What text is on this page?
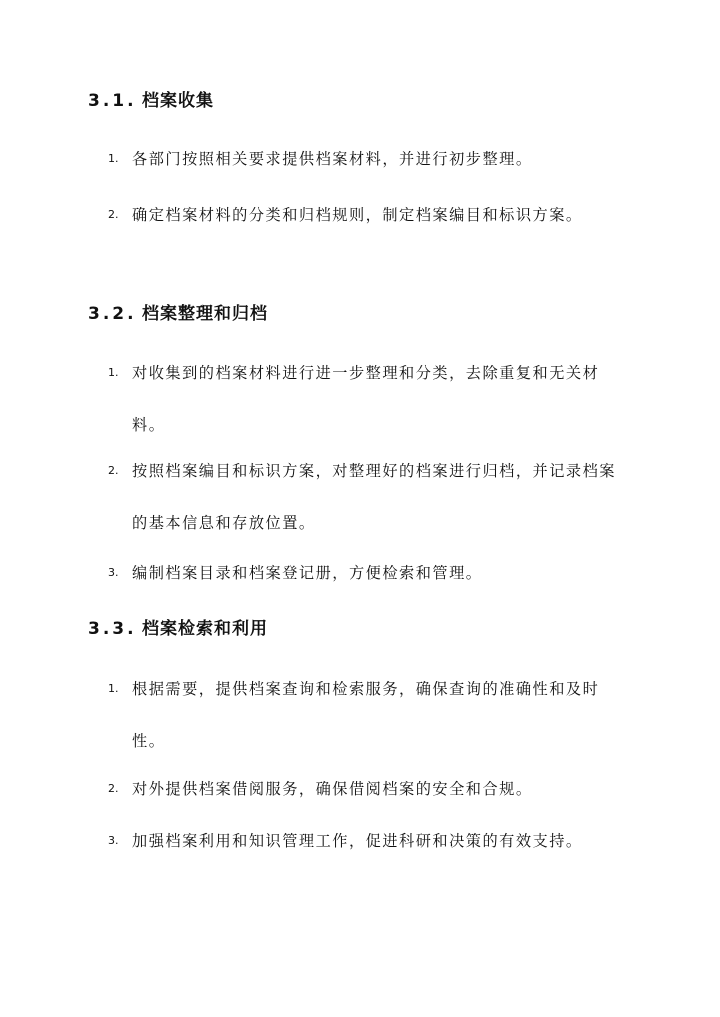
3.1. 档案收集
1. 各部门按照相关要求提供档案材料，并进行初步整理。
2. 确定档案材料的分类和归档规则，制定档案编目和标识方案。
3.2. 档案整理和归档
1. 对收集到的档案材料进行进一步整理和分类，去除重复和无关材料。
2. 按照档案编目和标识方案，对整理好的档案进行归档，并记录档案的基本信息和存放位置。
3. 编制档案目录和档案登记册，方便检索和管理。
3.3. 档案检索和利用
1. 根据需要，提供档案查询和检索服务，确保查询的准确性和及时性。
2. 对外提供档案借阅服务，确保借阅档案的安全和合规。
3. 加强档案利用和知识管理工作，促进科研和决策的有效支持。
